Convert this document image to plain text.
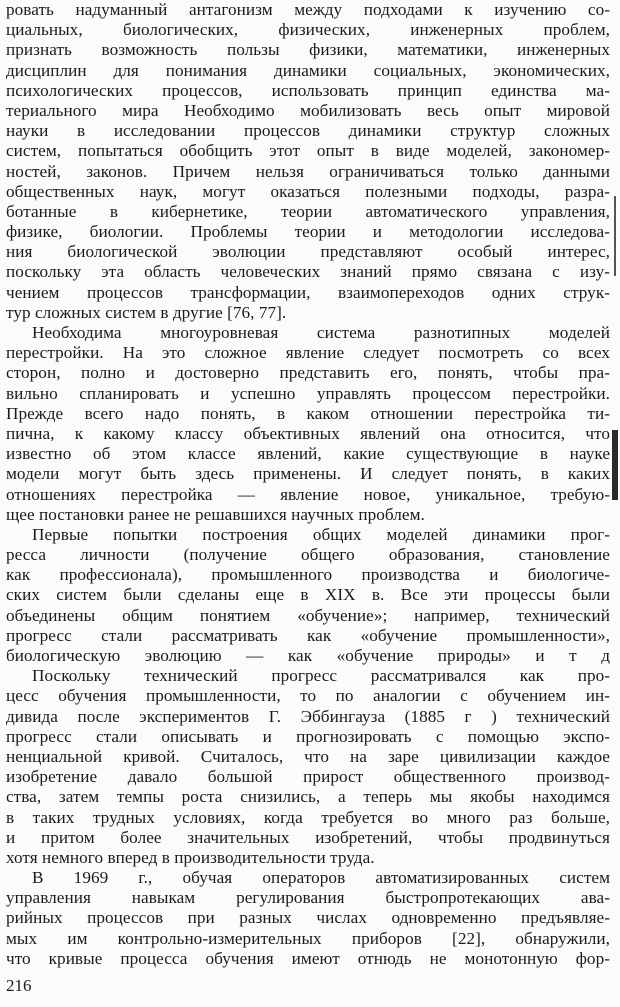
ровать надуманный антагонизм между подходами к изучению со-
циальных, биологических, физических, инженерных проблем,
признать возможность пользы физики, математики, инженерных
дисциплин для понимания динамики социальных, экономических,
психологических процессов, использовать принцип единства ма-
териального мира Необходимо мобилизовать весь опыт мировой
науки в исследовании процессов динамики структур сложных
систем, попытаться обобщить этот опыт в виде моделей, закономер-
ностей, законов. Причем нельзя ограничиваться только данными
общественных наук, могут оказаться полезными подходы, разра-
ботанные в кибернетике, теории автоматического управления,
физике, биологии. Проблемы теории и методологии исследова-
ния биологической эволюции представляют особый интерес,
поскольку эта область человеческих знаний прямо связана с изу-
чением процессов трансформации, взаимопереходов одних струк-
тур сложных систем в другие [76, 77].
Необходима многоуровневая система разнотипных моделей
перестройки. На это сложное явление следует посмотреть со всех
сторон, полно и достоверно представить его, понять, чтобы пра-
вильно спланировать и успешно управлять процессом перестройки.
Прежде всего надо понять, в каком отношении перестройка ти-
пична, к какому классу объективных явлений она относится, что
известно об этом классе явлений, какие существующие в науке
модели могут быть здесь применены. И следует понять, в каких
отношениях перестройка — явление новое, уникальное, требую-
щее постановки ранее не решавшихся научных проблем.
Первые попытки построения общих моделей динамики прог-
ресса личности (получение общего образования, становление
как профессионала), промышленного производства и биологиче-
ских систем были сделаны еще в XIX в. Все эти процессы были
объединены общим понятием «обучение»; например, технический
прогресс стали рассматривать как «обучение промышленности»,
биологическую эволюцию — как «обучение природы» и т д
Поскольку технический прогресс рассматривался как про-
цесс обучения промышленности, то по аналогии с обучением ин-
дивида после экспериментов Г. Эббингауза (1885 г ) технический
прогресс стали описывать и прогнозировать с помощью экспо-
ненциальной кривой. Считалось, что на заре цивилизации каждое
изобретение давало большой прирост общественного производ-
ства, затем темпы роста снизились, а теперь мы якобы находимся
в таких трудных условиях, когда требуется во много раз больше,
и притом более значительных изобретений, чтобы продвинуться
хотя немного вперед в производительности труда.
В 1969 г., обучая операторов автоматизированных систем
управления навыкам регулирования быстропротекающих ава-
рийных процессов при разных числах одновременно предъявляе-
мых им контрольно-измерительных приборов [22], обнаружили,
что кривые процесса обучения имеют отнюдь не монотонную фор-
216
